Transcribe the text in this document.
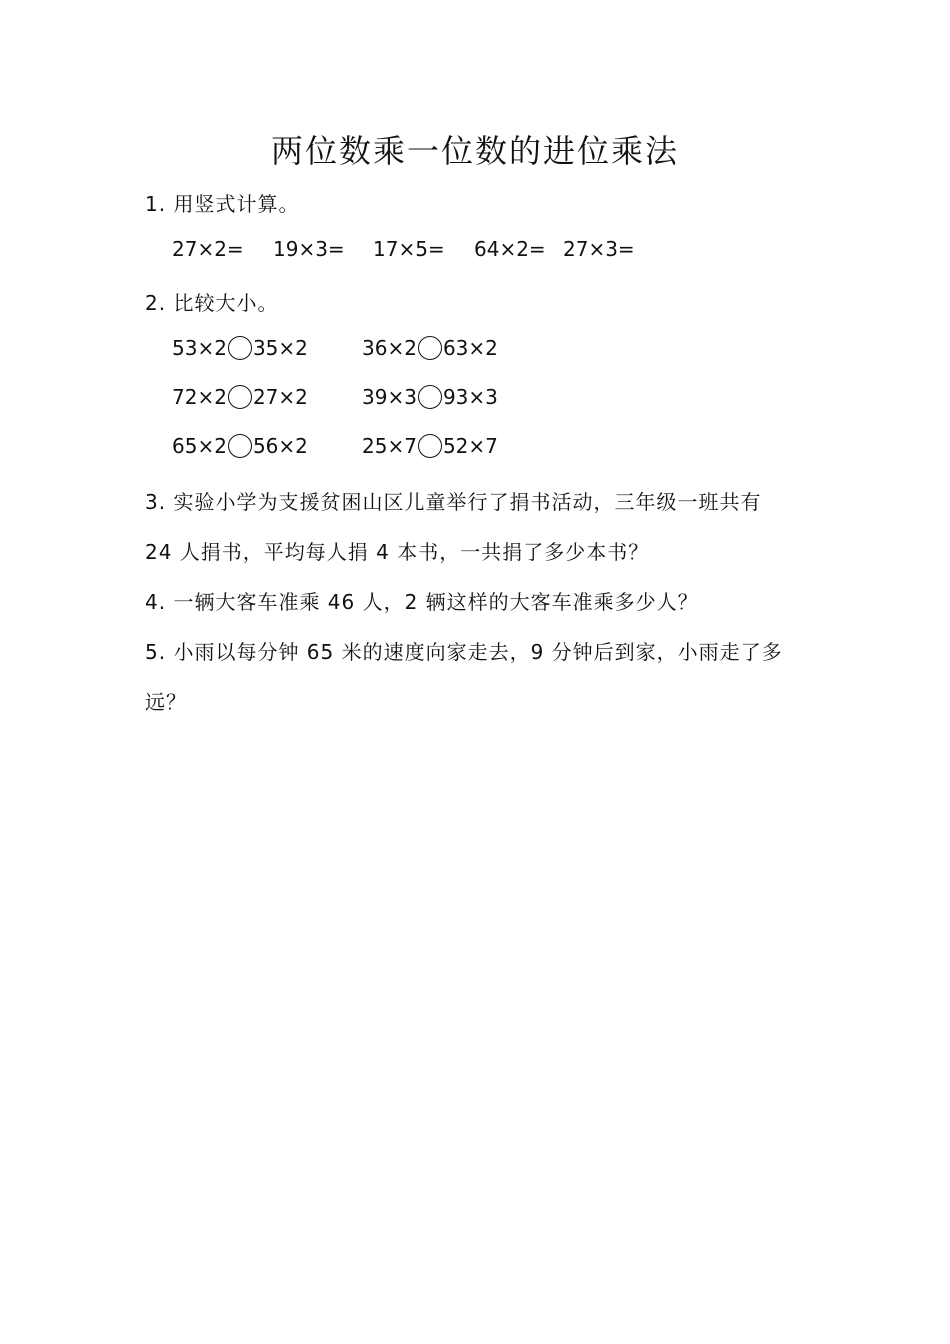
两位数乘一位数的进位乘法
1. 用竖式计算。
27×2= 19×3= 17×5= 64×2= 27×3=
2. 比较大小。
53×2 35×2	36×2 63×2
72×2 27×2	39×3 93×3
65×2 56×2	25×7 52×7
3. 实验小学为支援贫困山区儿童举行了捐书活动，三年级一班共有
24 人捐书，平均每人捐 4 本书，一共捐了多少本书？
4. 一辆大客车准乘 46 人，2 辆这样的大客车准乘多少人？
5. 小雨以每分钟 65 米的速度向家走去，9 分钟后到家，小雨走了多
远？
